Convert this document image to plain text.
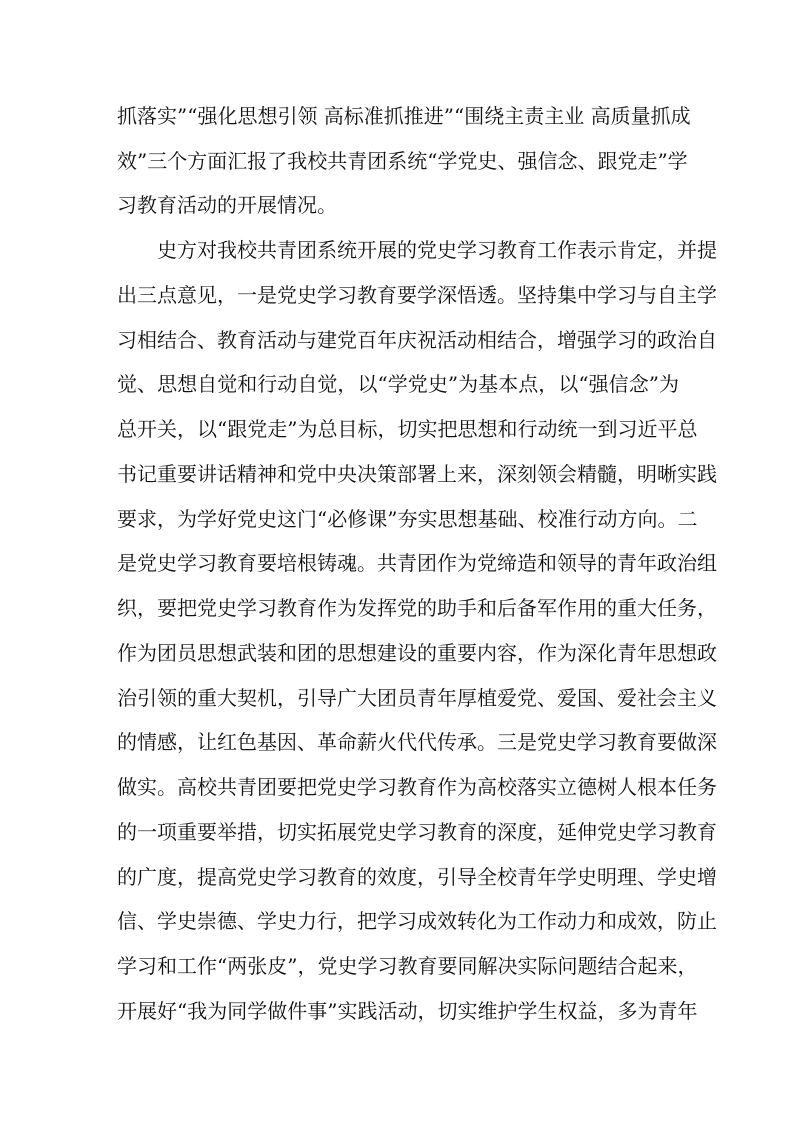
抓落实”“强化思想引领 高标准抓推进”“围绕主责主业 高质量抓成
效”三个方面汇报了我校共青团系统“学党史、强信念、跟党走”学
习教育活动的开展情况。
史方对我校共青团系统开展的党史学习教育工作表示肯定，并提
出三点意见，一是党史学习教育要学深悟透。坚持集中学习与自主学
习相结合、教育活动与建党百年庆祝活动相结合，增强学习的政治自
觉、思想自觉和行动自觉，以“学党史”为基本点，以“强信念”为
总开关，以“跟党走”为总目标，切实把思想和行动统一到习近平总
书记重要讲话精神和党中央决策部署上来，深刻领会精髓，明晰实践
要求，为学好党史这门“必修课”夯实思想基础、校准行动方向。二
是党史学习教育要培根铸魂。共青团作为党缔造和领导的青年政治组
织，要把党史学习教育作为发挥党的助手和后备军作用的重大任务，
作为团员思想武装和团的思想建设的重要内容，作为深化青年思想政
治引领的重大契机，引导广大团员青年厚植爱党、爱国、爱社会主义
的情感，让红色基因、革命薪火代代传承。三是党史学习教育要做深
做实。高校共青团要把党史学习教育作为高校落实立德树人根本任务
的一项重要举措，切实拓展党史学习教育的深度，延伸党史学习教育
的广度，提高党史学习教育的效度，引导全校青年学史明理、学史增
信、学史崇德、学史力行，把学习成效转化为工作动力和成效，防止
学习和工作“两张皮”，党史学习教育要同解决实际问题结合起来，
开展好“我为同学做件事”实践活动，切实维护学生权益，多为青年
